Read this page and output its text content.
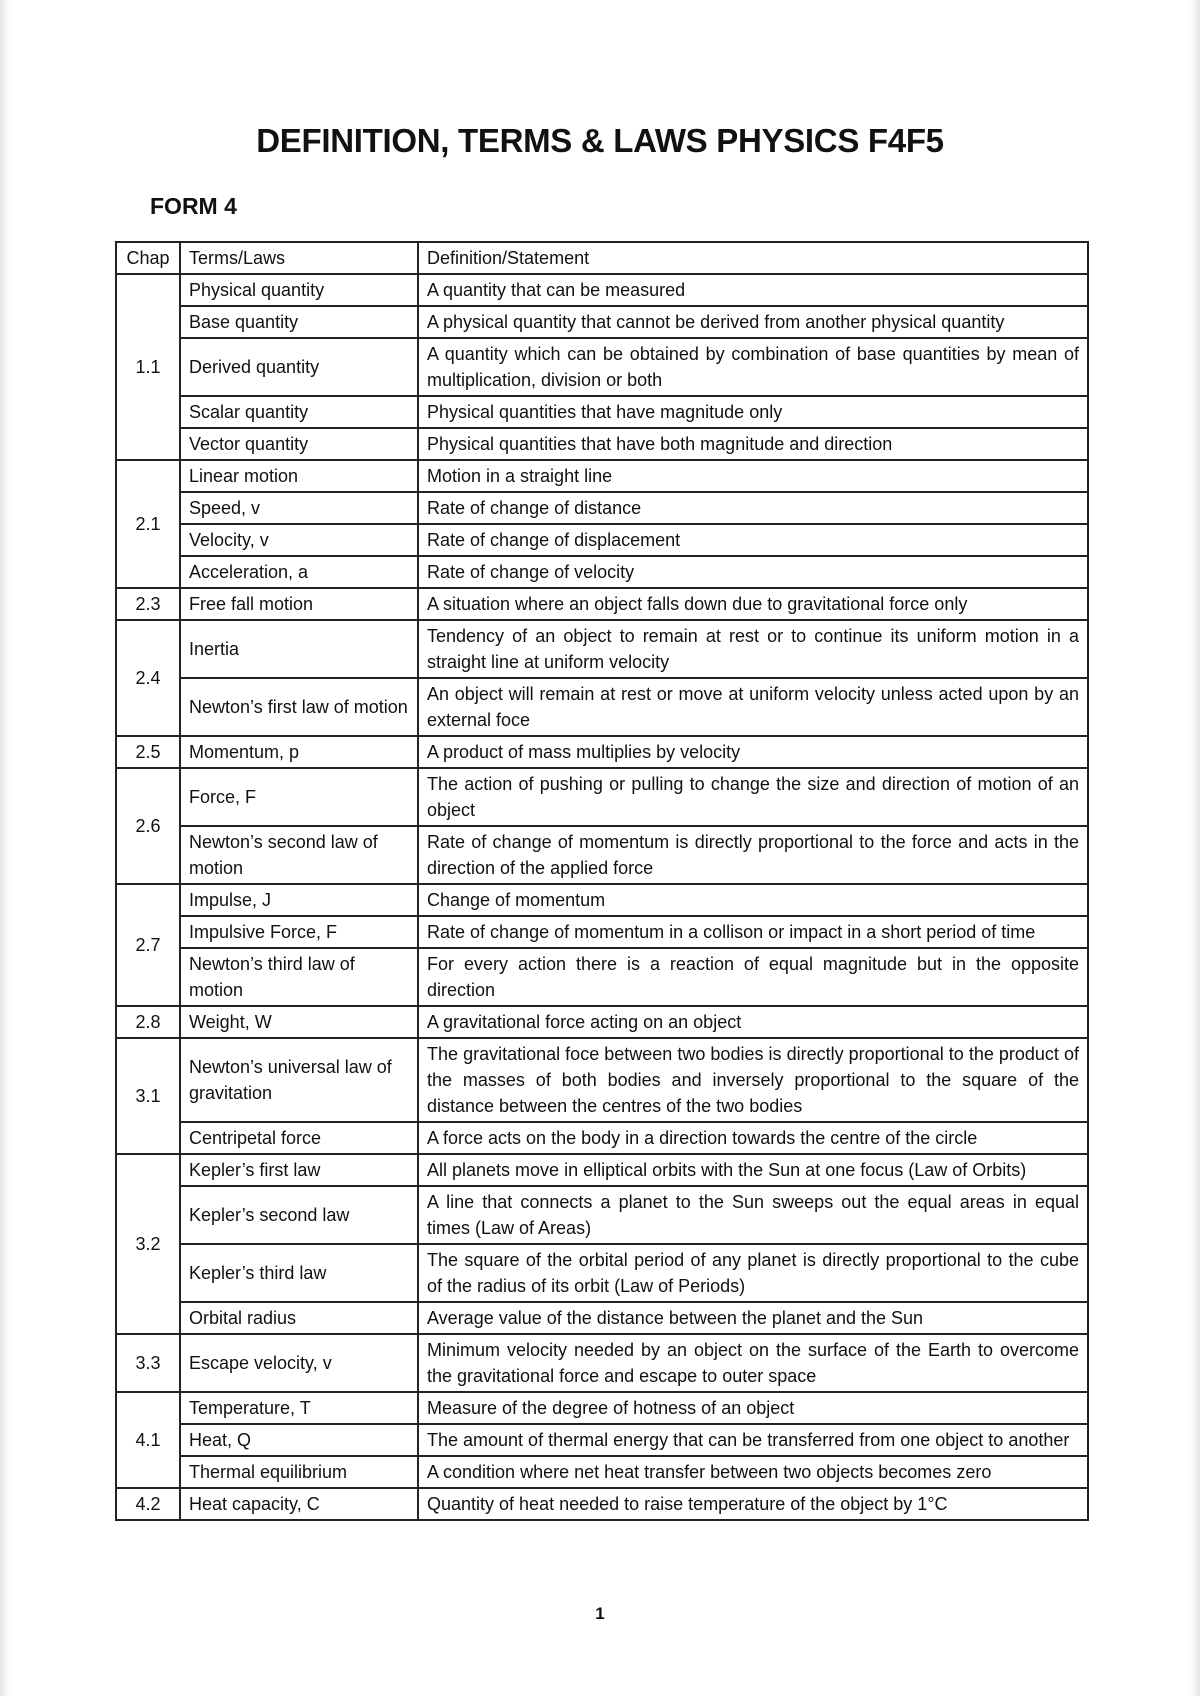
DEFINITION, TERMS & LAWS PHYSICS F4F5
FORM 4
Chap	Terms/Laws	Definition/Statement
1.1	Physical quantity	A quantity that can be measured
	Base quantity	A physical quantity that cannot be derived from another physical quantity
	Derived quantity	A quantity which can be obtained by combination of base quantities by mean of multiplication, division or both
	Scalar quantity	Physical quantities that have magnitude only
	Vector quantity	Physical quantities that have both magnitude and direction
2.1	Linear motion	Motion in a straight line
	Speed, v	Rate of change of distance
	Velocity, v	Rate of change of displacement
	Acceleration, a	Rate of change of velocity
2.3	Free fall motion	A situation where an object falls down due to gravitational force only
2.4	Inertia	Tendency of an object to remain at rest or to continue its uniform motion in a straight line at uniform velocity
	Newton’s first law of motion	An object will remain at rest or move at uniform velocity unless acted upon by an external foce
2.5	Momentum, p	A product of mass multiplies by velocity
2.6	Force, F	The action of pushing or pulling to change the size and direction of motion of an object
	Newton’s second law of motion	Rate of change of momentum is directly proportional to the force and acts in the direction of the applied force
2.7	Impulse, J	Change of momentum
	Impulsive Force, F	Rate of change of momentum in a collison or impact in a short period of time
	Newton’s third law of motion	For every action there is a reaction of equal magnitude but in the opposite direction
2.8	Weight, W	A gravitational force acting on an object
3.1	Newton’s universal law of gravitation	The gravitational foce between two bodies is directly proportional to the product of the masses of both bodies and inversely proportional to the square of the distance between the centres of the two bodies
	Centripetal force	A force acts on the body in a direction towards the centre of the circle
3.2	Kepler’s first law	All planets move in elliptical orbits with the Sun at one focus (Law of Orbits)
	Kepler’s second law	A line that connects a planet to the Sun sweeps out the equal areas in equal times (Law of Areas)
	Kepler’s third law	The square of the orbital period of any planet is directly proportional to the cube of the radius of its orbit (Law of Periods)
	Orbital radius	Average value of the distance between the planet and the Sun
3.3	Escape velocity, v	Minimum velocity needed by an object on the surface of the Earth to overcome the gravitational force and escape to outer space
4.1	Temperature, T	Measure of the degree of hotness of an object
	Heat, Q	The amount of thermal energy that can be transferred from one object to another
	Thermal equilibrium	A condition where net heat transfer between two objects becomes zero
4.2	Heat capacity, C	Quantity of heat needed to raise temperature of the object by 1°C
1
